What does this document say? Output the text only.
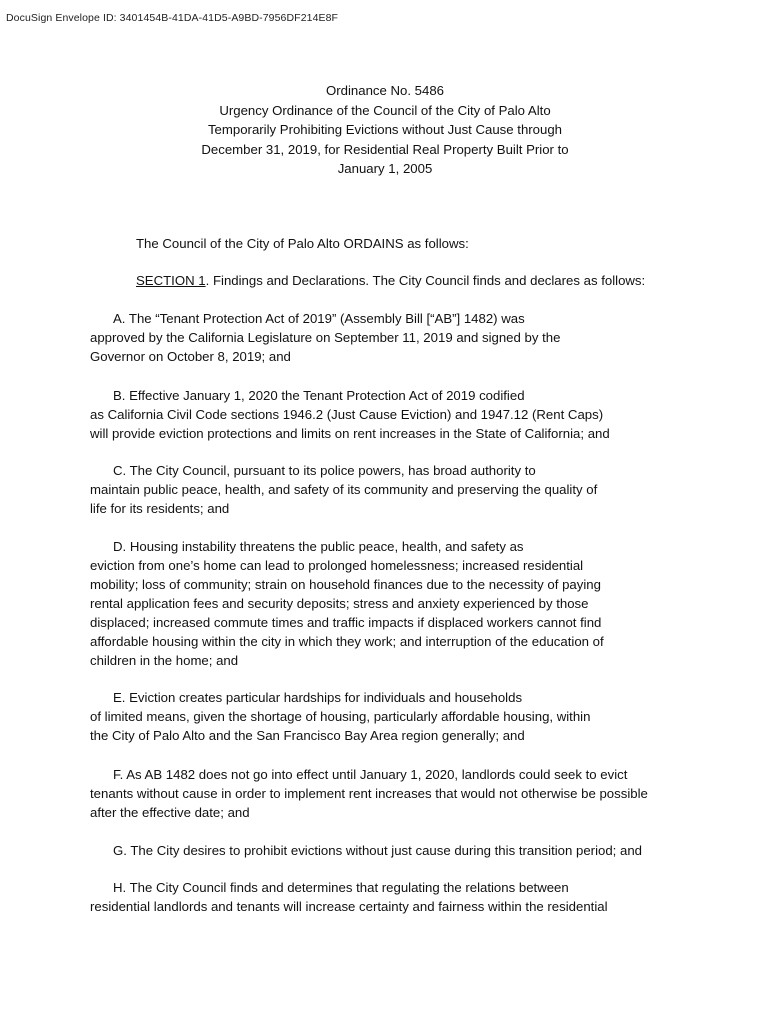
DocuSign Envelope ID: 3401454B-41DA-41D5-A9BD-7956DF214E8F
Ordinance No. 5486
Urgency Ordinance of the Council of the City of Palo Alto
Temporarily Prohibiting Evictions without Just Cause through
December 31, 2019, for Residential Real Property Built Prior to
January 1, 2005
The Council of the City of Palo Alto ORDAINS as follows:
SECTION 1. Findings and Declarations. The City Council finds and declares as follows:
A. The “Tenant Protection Act of 2019” (Assembly Bill [“AB”] 1482) was
approved by the California Legislature on September 11, 2019 and signed by the
Governor on October 8, 2019; and
B. Effective January 1, 2020 the Tenant Protection Act of 2019 codified
as California Civil Code sections 1946.2 (Just Cause Eviction) and 1947.12 (Rent Caps)
will provide eviction protections and limits on rent increases in the State of California; and
C. The City Council, pursuant to its police powers, has broad authority to
maintain public peace, health, and safety of its community and preserving the quality of
life for its residents; and
D. Housing instability threatens the public peace, health, and safety as
eviction from one’s home can lead to prolonged homelessness; increased residential
mobility; loss of community; strain on household finances due to the necessity of paying
rental application fees and security deposits; stress and anxiety experienced by those
displaced; increased commute times and traffic impacts if displaced workers cannot find
affordable housing within the city in which they work; and interruption of the education of
children in the home; and
E. Eviction creates particular hardships for individuals and households
of limited means, given the shortage of housing, particularly affordable housing, within
the City of Palo Alto and the San Francisco Bay Area region generally; and
F. As AB 1482 does not go into effect until January 1, 2020, landlords could seek to evict
tenants without cause in order to implement rent increases that would not otherwise be possible
after the effective date; and
G. The City desires to prohibit evictions without just cause during this transition period; and
H. The City Council finds and determines that regulating the relations between
residential landlords and tenants will increase certainty and fairness within the residential
